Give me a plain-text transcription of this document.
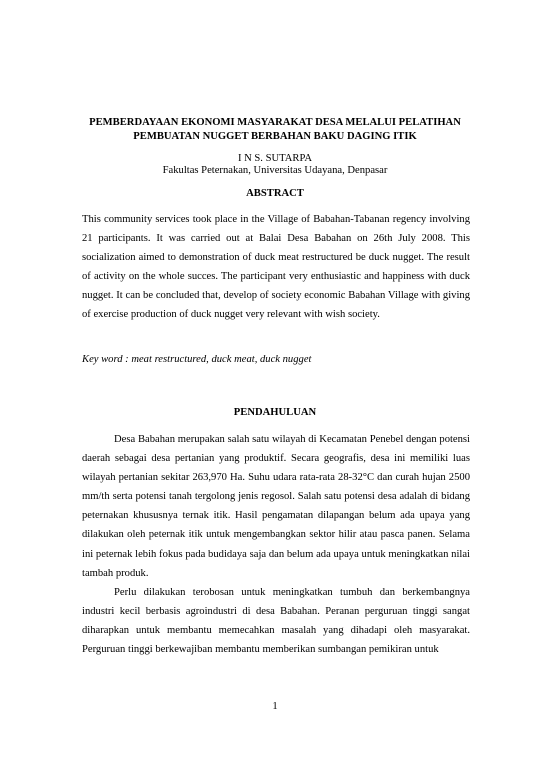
PEMBERDAYAAN EKONOMI MASYARAKAT DESA MELALUI PELATIHAN
PEMBUATAN NUGGET BERBAHAN BAKU DAGING ITIK

I N S. SUTARPA

Fakultas Peternakan, Universitas Udayana, Denpasar

ABSTRACT

This community services took place in the Village of Babahan-Tabanan regency involving 21 participants. It was carried out at Balai Desa Babahan on 26th July 2008. This socialization aimed to demonstration of duck meat restructured be duck nugget. The result of activity on the whole succes. The participant very enthusiastic and happiness with duck nugget. It can be concluded that, develop of society economic Babahan Village with giving of exercise production of duck nugget very relevant with wish society.

Key word : meat restructured, duck meat, duck nugget

PENDAHULUAN

Desa Babahan merupakan salah satu wilayah di Kecamatan Penebel dengan potensi daerah sebagai desa pertanian yang produktif. Secara geografis, desa ini memiliki luas wilayah pertanian sekitar 263,970 Ha. Suhu udara rata-rata 28-32°C dan curah hujan 2500 mm/th serta potensi tanah tergolong jenis regosol. Salah satu potensi desa adalah di bidang peternakan khususnya ternak itik. Hasil pengamatan dilapangan belum ada upaya yang dilakukan oleh peternak itik untuk mengembangkan sektor hilir atau pasca panen. Selama ini peternak lebih fokus pada budidaya saja dan belum ada upaya untuk meningkatkan nilai tambah produk.

Perlu dilakukan terobosan untuk meningkatkan tumbuh dan berkembangnya industri kecil berbasis agroindustri di desa Babahan. Peranan perguruan tinggi sangat diharapkan untuk membantu memecahkan masalah yang dihadapi oleh masyarakat. Perguruan tinggi berkewajiban membantu memberikan sumbangan pemikiran untuk

1
